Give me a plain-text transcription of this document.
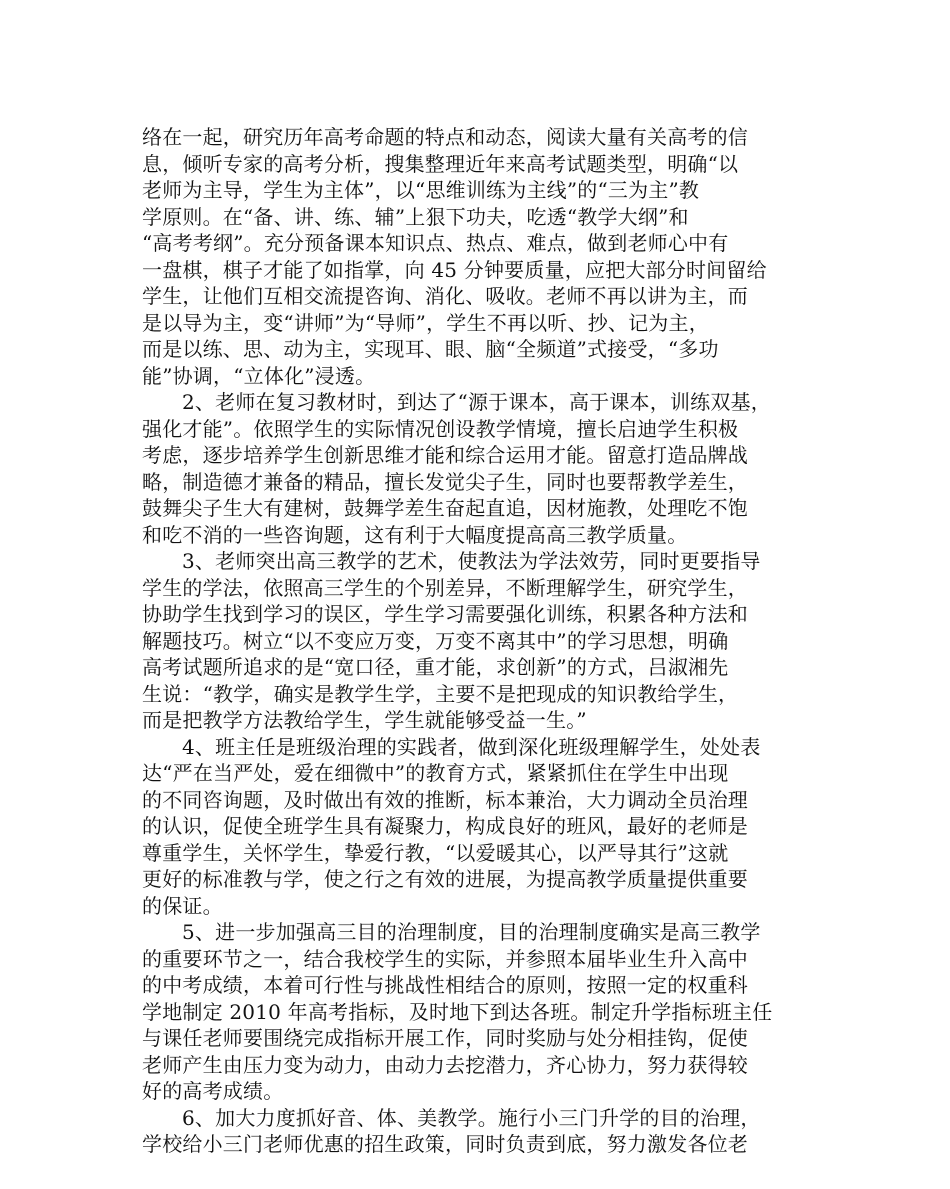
络在一起，研究历年高考命题的特点和动态，阅读大量有关高考的信
息，倾听专家的高考分析，搜集整理近年来高考试题类型，明确“以
老师为主导，学生为主体”，以“思维训练为主线”的“三为主”教
学原则。在“备、讲、练、辅”上狠下功夫，吃透“教学大纲”和
“高考考纲”。充分预备课本知识点、热点、难点，做到老师心中有
一盘棋，棋子才能了如指掌，向 45 分钟要质量，应把大部分时间留给
学生，让他们互相交流提咨询、消化、吸收。老师不再以讲为主，而
是以导为主，变“讲师”为“导师”，学生不再以听、抄、记为主，
而是以练、思、动为主，实现耳、眼、脑“全频道”式接受，“多功
能”协调，“立体化”浸透。
2、老师在复习教材时，到达了“源于课本，高于课本，训练双基，
强化才能”。依照学生的实际情况创设教学情境，擅长启迪学生积极
考虑，逐步培养学生创新思维才能和综合运用才能。留意打造品牌战
略，制造德才兼备的精品，擅长发觉尖子生，同时也要帮教学差生，
鼓舞尖子生大有建树，鼓舞学差生奋起直追，因材施教，处理吃不饱
和吃不消的一些咨询题，这有利于大幅度提高高三教学质量。
3、老师突出高三教学的艺术，使教法为学法效劳，同时更要指导
学生的学法，依照高三学生的个别差异，不断理解学生，研究学生，
协助学生找到学习的误区，学生学习需要强化训练，积累各种方法和
解题技巧。树立“以不变应万变，万变不离其中”的学习思想，明确
高考试题所追求的是“宽口径，重才能，求创新”的方式，吕淑湘先
生说：“教学，确实是教学生学，主要不是把现成的知识教给学生，
而是把教学方法教给学生，学生就能够受益一生。”
4、班主任是班级治理的实践者，做到深化班级理解学生，处处表
达“严在当严处，爱在细微中”的教育方式，紧紧抓住在学生中出现
的不同咨询题，及时做出有效的推断，标本兼治，大力调动全员治理
的认识，促使全班学生具有凝聚力，构成良好的班风，最好的老师是
尊重学生，关怀学生，挚爱行教，“以爱暖其心，以严导其行”这就
更好的标准教与学，使之行之有效的进展，为提高教学质量提供重要
的保证。
5、进一步加强高三目的治理制度，目的治理制度确实是高三教学
的重要环节之一，结合我校学生的实际，并参照本届毕业生升入高中
的中考成绩，本着可行性与挑战性相结合的原则，按照一定的权重科
学地制定 2010 年高考指标，及时地下到达各班。制定升学指标班主任
与课任老师要围绕完成指标开展工作，同时奖励与处分相挂钩，促使
老师产生由压力变为动力，由动力去挖潜力，齐心协力，努力获得较
好的高考成绩。
6、加大力度抓好音、体、美教学。施行小三门升学的目的治理，
学校给小三门老师优惠的招生政策，同时负责到底，努力激发各位老
